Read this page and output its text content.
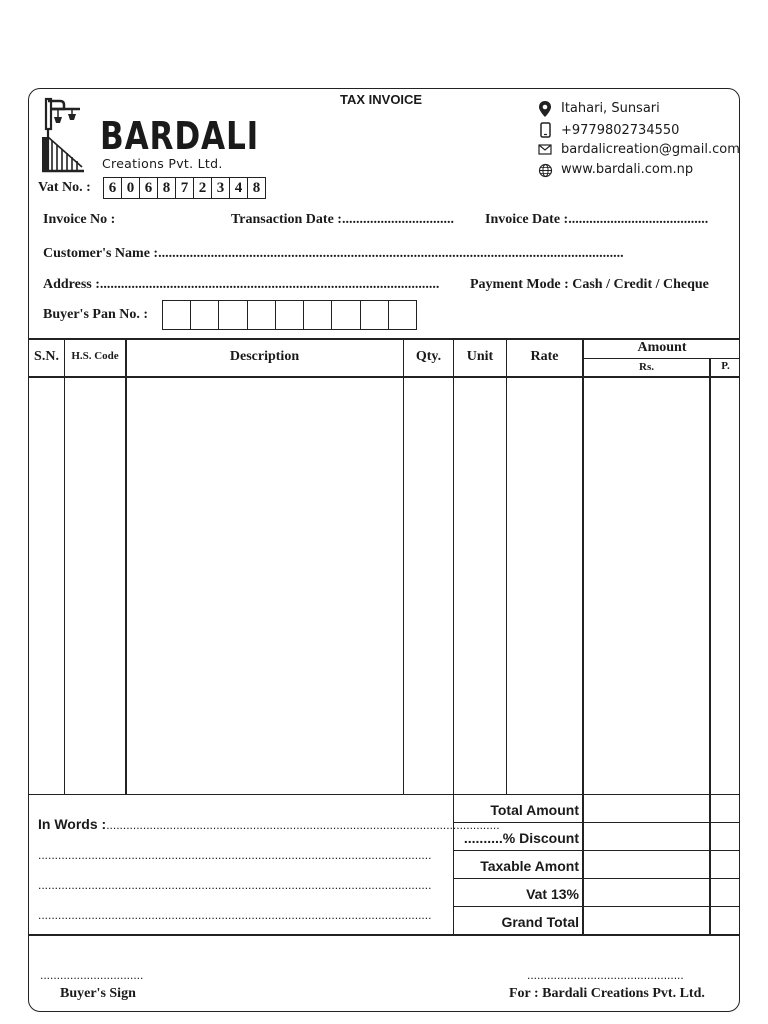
BARDALI
Creations Pvt. Ltd.
TAX INVOICE
Itahari, Sunsari
+9779802734550
bardalicreation@gmail.com
www.bardali.com.np
Vat No. :	6 0 6 8 7 2 3 4 8
Invoice No :	Transaction Date :................................ Invoice Date :........................................
Customer's Name :.....................................................................................................................................
Address :.................................................................................................	Payment Mode : Cash / Credit / Cheque
Buyer's Pan No. :
S.N.	H.S. Code	Description	Qty.	Unit	Rate
Amount
Rs.	P.
Total Amount
..........% Discount
Taxable Amont
Vat 13%
Grand Total
In Words :......................................................................................................................
......................................................................................................................
......................................................................................................................
......................................................................................................................
...............................
Buyer's Sign
...............................................
For : Bardali Creations Pvt. Ltd.
